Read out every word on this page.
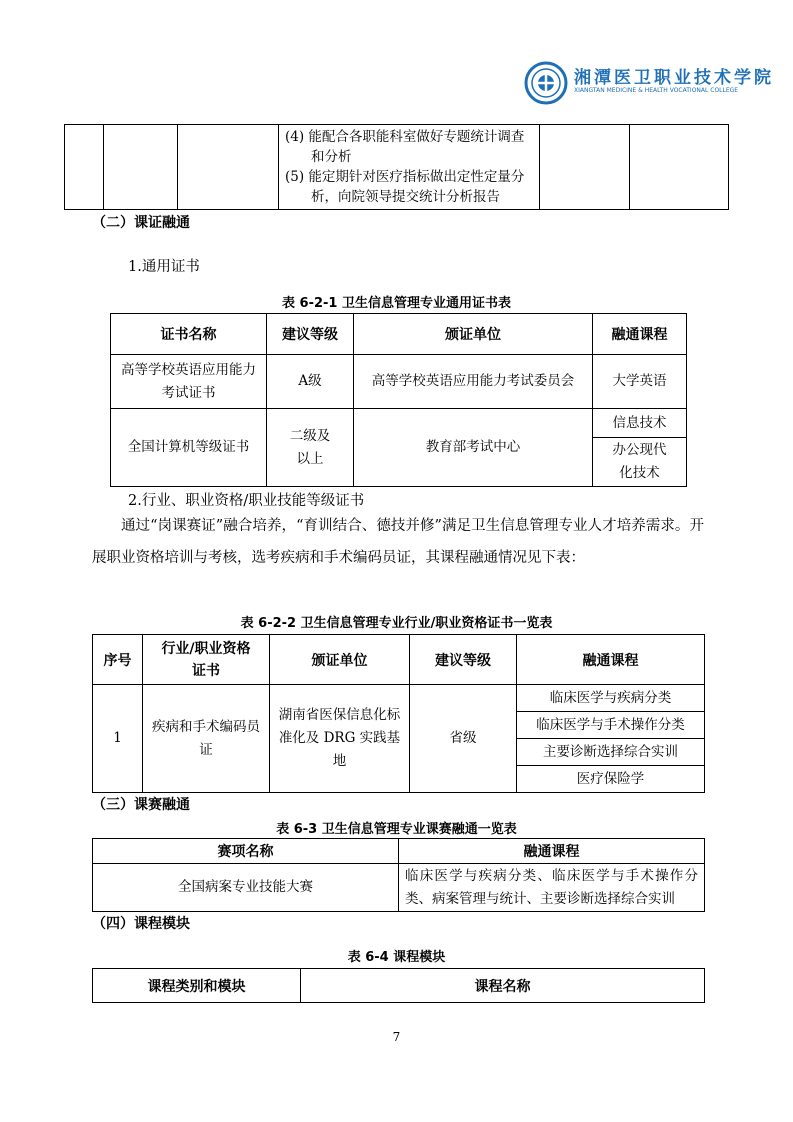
湘潭医卫职业技术学院
XIANGTAN MEDICINE & HEALTH VOCATIONAL COLLEGE

(4) 能配合各职能科室做好专题统计调查和分析
(5) 能定期针对医疗指标做出定性定量分析，向院领导提交统计分析报告

（二）课证融通
1.通用证书
表 6-2-1 卫生信息管理专业通用证书表
证书名称	建议等级	颁证单位	融通课程
高等学校英语应用能力考试证书	A级	高等学校英语应用能力考试委员会	大学英语
全国计算机等级证书	二级及以上	教育部考试中心	
信息技术
办公现代化技术
2.行业、职业资格/职业技能等级证书
通过“岗课赛证”融合培养，“育训结合、德技并修”满足卫生信息管理专业人才培养需求。开展职业资格培训与考核，选考疾病和手术编码员证，其课程融通情况见下表：
表 6-2-2 卫生信息管理专业行业/职业资格证书一览表
序号	行业/职业资格证书	颁证单位	建议等级	融通课程
1	疾病和手术编码员证	湖南省医保信息化标准化及 DRG 实践基地	省级	
临床医学与疾病分类
临床医学与手术操作分类
主要诊断选择综合实训
医疗保险学
（三）课赛融通
表 6-3 卫生信息管理专业课赛融通一览表
赛项名称	融通课程
全国病案专业技能大赛	临床医学与疾病分类、临床医学与手术操作分类、病案管理与统计、主要诊断选择综合实训
（四）课程模块
表 6-4 课程模块
课程类别和模块	课程名称
7
